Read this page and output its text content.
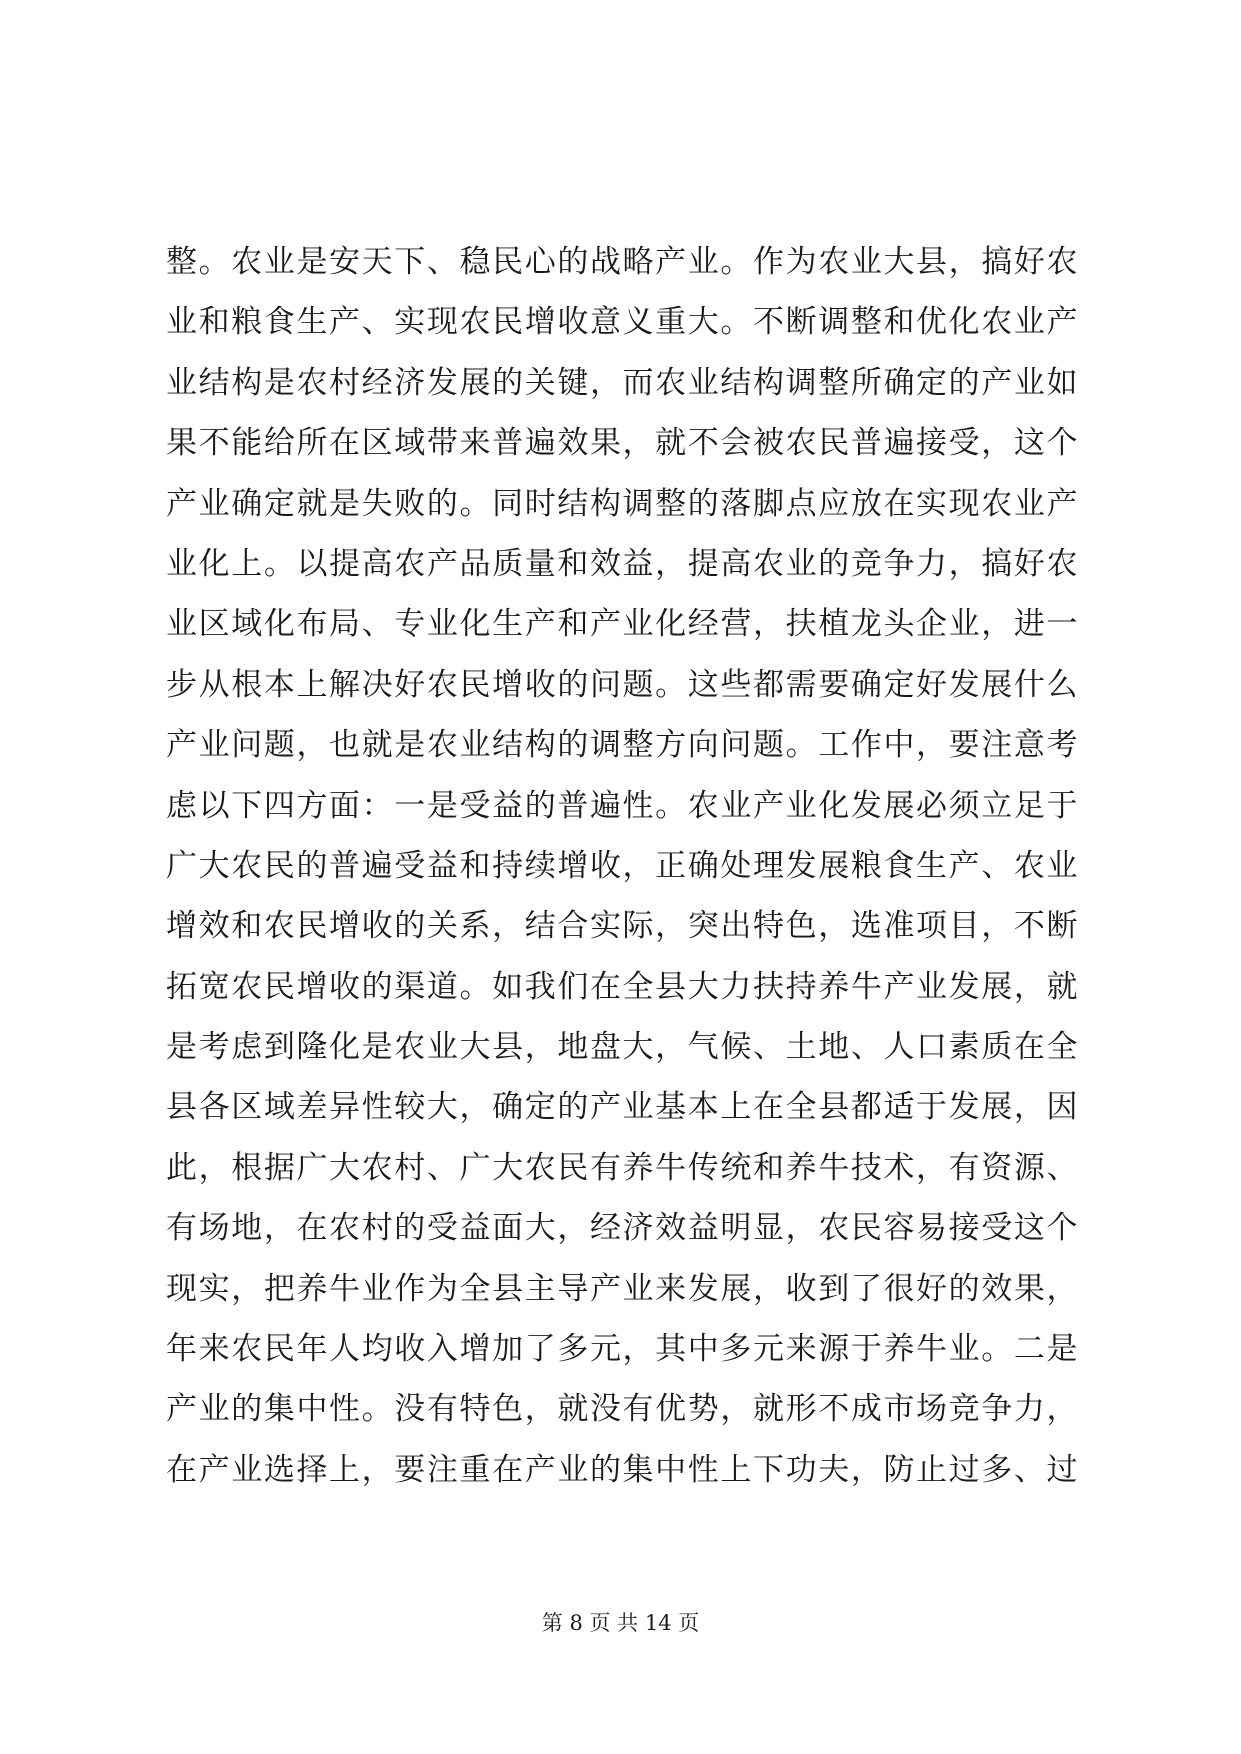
整。农业是安天下、稳民心的战略产业。作为农业大县，搞好农
业和粮食生产、实现农民增收意义重大。不断调整和优化农业产
业结构是农村经济发展的关键，而农业结构调整所确定的产业如
果不能给所在区域带来普遍效果，就不会被农民普遍接受，这个
产业确定就是失败的。同时结构调整的落脚点应放在实现农业产
业化上。以提高农产品质量和效益，提高农业的竞争力，搞好农
业区域化布局、专业化生产和产业化经营，扶植龙头企业，进一
步从根本上解决好农民增收的问题。这些都需要确定好发展什么
产业问题，也就是农业结构的调整方向问题。工作中，要注意考
虑以下四方面：一是受益的普遍性。农业产业化发展必须立足于
广大农民的普遍受益和持续增收，正确处理发展粮食生产、农业
增效和农民增收的关系，结合实际，突出特色，选准项目，不断
拓宽农民增收的渠道。如我们在全县大力扶持养牛产业发展，就
是考虑到隆化是农业大县，地盘大，气候、土地、人口素质在全
县各区域差异性较大，确定的产业基本上在全县都适于发展，因
此，根据广大农村、广大农民有养牛传统和养牛技术，有资源、
有场地，在农村的受益面大，经济效益明显，农民容易接受这个
现实，把养牛业作为全县主导产业来发展，收到了很好的效果，
年来农民年人均收入增加了多元，其中多元来源于养牛业。二是
产业的集中性。没有特色，就没有优势，就形不成市场竞争力，
在产业选择上，要注重在产业的集中性上下功夫，防止过多、过
第 8 页 共 14 页
